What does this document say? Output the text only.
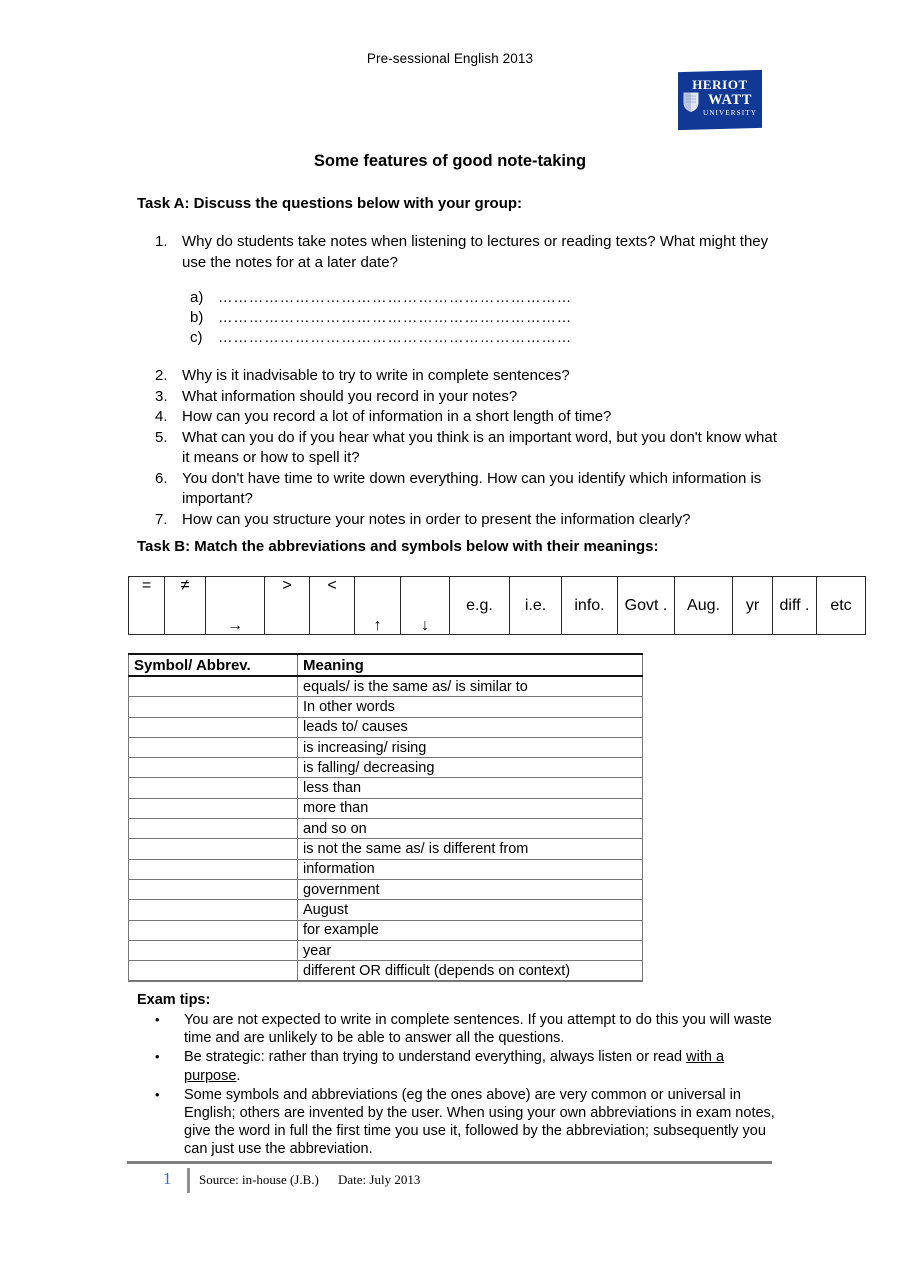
Pre-sessional English 2013
HERIOT
WATT
UNIVERSITY
Some features of good note-taking
Task A: Discuss the questions below with your group:
1. Why do students take notes when listening to lectures or reading texts? What might they use the notes for at a later date?
a)	……………………………………………………………
b)	……………………………………………………………
c)	……………………………………………………………
2. Why is it inadvisable to try to write in complete sentences?
3. What information should you record in your notes?
4. How can you record a lot of information in a short length of time?
5. What can you do if you hear what you think is an important word, but you don't know what it means or how to spell it?
6. You don't have time to write down everything. How can you identify which information is important?
7. How can you structure your notes in order to present the information clearly?
Task B: Match the abbreviations and symbols below with their meanings:
=	≠	→	>	<	↑	↓	e.g.	i.e.	info.	Govt .	Aug.	yr	diff .	etc
Symbol/ Abbrev.	Meaning
	equals/ is the same as/ is similar to
	In other words
	leads to/ causes
	is increasing/ rising
	is falling/ decreasing
	less than
	more than
	and so on
	is not the same as/ is different from
	information
	government
	August
	for example
	year
	different OR difficult (depends on context)
Exam tips:
•	You are not expected to write in complete sentences. If you attempt to do this you will waste time and are unlikely to be able to answer all the questions.
•	Be strategic: rather than trying to understand everything, always listen or read with a purpose.
•	Some symbols and abbreviations (eg the ones above) are very common or universal in English; others are invented by the user. When using your own abbreviations in exam notes, give the word in full the first time you use it, followed by the abbreviation; subsequently you can just use the abbreviation.
1 Source: in-house (J.B.) Date: July 2013
